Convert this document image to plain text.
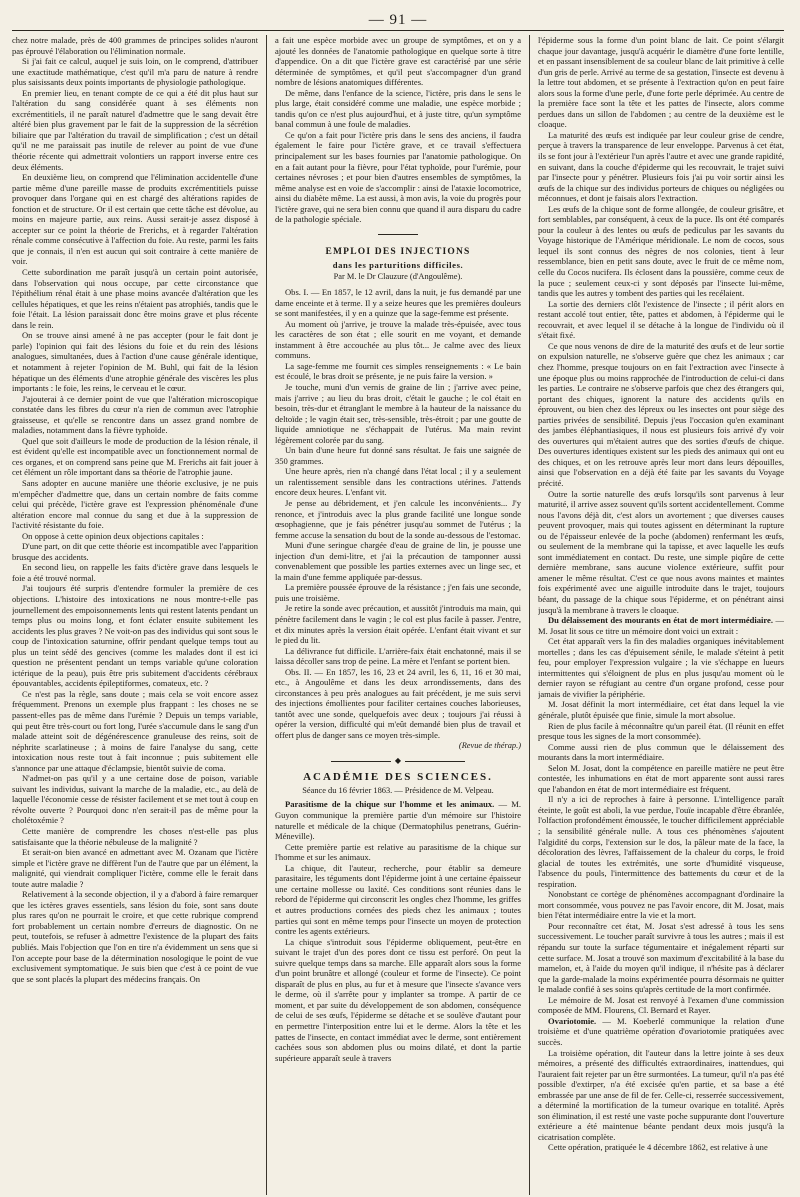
— 91 —

chez notre malade, près de 400 grammes de principes solides n'auront pas éprouvé l'élaboration ou l'élimination normale.

Si j'ai fait ce calcul, auquel je suis loin, on le comprend, d'attribuer une exactitude mathématique, c'est qu'il m'a paru de nature à rendre plus saisissants deux points importants de physiologie pathologique.

En premier lieu, en tenant compte de ce qui a été dit plus haut sur l'altération du sang considérée quant à ses éléments non excrémentitiels, il ne paraît naturel d'admettre que le sang devait être altéré bien plus gravement par le fait de la suppression de la sécrétion biliaire que par l'altération du travail de simplification ; c'est un détail qu'il ne me paraissait pas inutile de relever au point de vue d'une théorie récente qui admettrait volontiers un rapport inverse entre ces deux éléments.

En deuxième lieu, on comprend que l'élimination accidentelle d'une partie même d'une pareille masse de produits excrémentitiels puisse provoquer dans l'organe qui en est chargé des altérations rapides de fonction et de structure. Or il est certain que cette tâche est dévolue, au moins en majeure partie, aux reins. Aussi serait-je assez disposé à accepter sur ce point la théorie de Frerichs, et à regarder l'altération rénale comme consécutive à l'affection du foie. Au reste, parmi les faits que je connais, il n'en est aucun qui soit contraire à cette manière de voir.

Cette subordination me paraît jusqu'à un certain point autorisée, dans l'observation qui nous occupe, par cette circonstance que l'épithélium rénal était à une phase moins avancée d'altération que les cellules hépatiques, et que les reins n'étaient pas atrophiés, tandis que le foie l'était. La lésion paraissait donc être moins grave et plus récente dans le rein.

On se trouve ainsi amené à ne pas accepter (pour le fait dont je parle) l'opinion qui fait des lésions du foie et du rein des lésions analogues, simultanées, dues à l'action d'une cause générale identique, et notamment à rejeter l'opinion de M. Buhl, qui fait de la lésion hépatique un des éléments d'une atrophie générale des viscères les plus importants : le foie, les reins, le cerveau et le cœur.

J'ajouterai à ce dernier point de vue que l'altération microscopique constatée dans les fibres du cœur n'a rien de commun avec l'atrophie graisseuse, et qu'elle se rencontre dans un assez grand nombre de maladies, notamment dans la fièvre typhoïde.

Quel que soit d'ailleurs le mode de production de la lésion rénale, il est évident qu'elle est incompatible avec un fonctionnement normal de ces organes, et on comprend sans peine que M. Frerichs ait fait jouer à cet élément un rôle important dans sa théorie de l'atrophie jaune.

Sans adopter en aucune manière une théorie exclusive, je ne puis m'empêcher d'admettre que, dans un certain nombre de faits comme celui qui précède, l'ictère grave est l'expression phénoménale d'une altération encore mal connue du sang et due à la suppression de l'activité résistante du foie.

On oppose à cette opinion deux objections capitales :

D'une part, on dit que cette théorie est incompatible avec l'apparition brusque des accidents.

En second lieu, on rappelle les faits d'ictère grave dans lesquels le foie a été trouvé normal.

J'ai toujours été surpris d'entendre formuler la première de ces objections. L'histoire des intoxications ne nous montre-t-elle pas journellement des empoisonnements lents qui restent latents pendant un temps plus ou moins long, et font éclater ensuite subitement les accidents les plus graves ? Ne voit-on pas des individus qui sont sous le coup de l'intoxication saturnine, offrir pendant quelque temps tout au plus un teint sédé des gencives (comme les malades dont il est ici question ne présentent pendant un temps variable qu'une coloration ictérique de la peau), puis être pris subitement d'accidents cérébraux épouvantables, accidents épileptiformes, comateux, etc. ?

Ce n'est pas la règle, sans doute ; mais cela se voit encore assez fréquemment. Prenons un exemple plus frappant : les choses ne se passent-elles pas de même dans l'urémie ? Depuis un temps variable, qui peut être très-court ou fort long, l'urée s'accumule dans le sang d'un malade atteint soit de dégénérescence granuleuse des reins, soit de néphrite scarlatineuse ; à moins de faire l'analyse du sang, cette intoxication nous reste tout à fait inconnue ; puis subitement elle s'annonce par une attaque d'éclampsie, bientôt suivie de coma.

N'admet-on pas qu'il y a une certaine dose de poison, variable suivant les individus, suivant la marche de la maladie, etc., au delà de laquelle l'économie cesse de résister facilement et se met tout à coup en révolte ouverte ? Pourquoi donc n'en serait-il pas de même pour la cholétoxémie ?

Cette manière de comprendre les choses n'est-elle pas plus satisfaisante que la théorie nébuleuse de la malignité ?

Et serait-on bien avancé en admettant avec M. Ozanam que l'ictère simple et l'ictère grave ne diffèrent l'un de l'autre que par un élément, la malignité, qui viendrait compliquer l'ictère, comme elle le ferait dans toute autre maladie ?

Relativement à la seconde objection, il y a d'abord à faire remarquer que les ictères graves essentiels, sans lésion du foie, sont sans doute plus rares qu'on ne pourrait le croire, et que cette rubrique comprend fort probablement un certain nombre d'erreurs de diagnostic. On ne peut, toutefois, se refuser à admettre l'existence de la plupart des faits publiés. Mais l'objection que l'on en tire n'a évidemment un sens que si l'on accepte pour base de la détermination nosologique le point de vue exclusivement symptomatique. Je suis bien que c'est à ce point de vue que se sont placés la plupart des médecins français. On

a fait une espèce morbide avec un groupe de symptômes, et on y a ajouté les données de l'anatomie pathologique en quelque sorte à titre d'appendice. On a dit que l'ictère grave est caractérisé par une série déterminée de symptômes, et qu'il peut s'accompagner d'un grand nombre de lésions anatomiques différentes.

De même, dans l'enfance de la science, l'ictère, pris dans le sens le plus large, était considéré comme une maladie, une espèce morbide ; tandis qu'on ce n'est plus aujourd'hui, et à juste titre, qu'un symptôme banal commun à une foule de maladies.

Ce qu'on a fait pour l'ictère pris dans le sens des anciens, il faudra également le faire pour l'ictère grave, et ce travail s'effectuera principalement sur les bases fournies par l'anatomie pathologique. On en a fait autant pour la fièvre, pour l'état typhoïde, pour l'urémie, pour certaines névroses ; et pour bien d'autres ensembles de symptômes, la même analyse est en voie de s'accomplir : ainsi de l'ataxie locomotrice, ainsi du diabète même. La est aussi, à mon avis, la voie du progrès pour l'ictère grave, qui ne sera bien connu que quand il aura disparu du cadre de la pathologie spéciale.

EMPLOI DES INJECTIONS
dans les parturitions difficiles.
Par M. le Dr Clauzure (d'Angoulême).

Obs. I. — En 1857, le 12 avril, dans la nuit, je fus demandé par une dame enceinte et à terme. Il y a seize heures que les premières douleurs se sont manifestées, il y en a quinze que la sage-femme est présente.

Au moment où j'arrive, je trouve la malade très-épuisée, avec tous les caractères de son état ; elle sourit en me voyant, et demande instamment à être accouchée au plus tôt... Je calme avec des lieux communs.

La sage-femme me fournit ces simples renseignements : « Le bain est écoulé, le bras droit se présente, je ne puis faire la version. »

Je touche, muni d'un vernis de graine de lin ; j'arrive avec peine, mais j'arrive ; au lieu du bras droit, c'était le gauche ; le col était en besoin, très-dur et étranglant le membre à la hauteur de la naissance du deltoïde ; le vagin était sec, très-sensible, très-étroit ; par une goutte de liquide amniotique ne s'échappait de l'utérus. Ma main revint légèrement colorée par du sang.

Un bain d'une heure fut donné sans résultat. Je fais une saignée de 350 grammes.

Une heure après, rien n'a changé dans l'état local ; il y a seulement un ralentissement sensible dans les contractions utérines. J'attends encore deux heures. L'enfant vit.

Je pense au débridement, et j'en calcule les inconvénients... J'y renonce, et j'introduis avec la plus grande facilité une longue sonde œsophagienne, que je fais pénétrer jusqu'au sommet de l'utérus ; la femme accuse la sensation du bout de la sonde au-dessous de l'estomac.

Muni d'une seringue chargée d'eau de graine de lin, je pousse une injection d'un demi-litre, et j'ai la précaution de tamponner aussi convenablement que possible les parties externes avec un linge sec, et la main d'une femme appliquée par-dessus.

La première poussée éprouve de la résistance ; j'en fais une seconde, puis une troisième.

Je retire la sonde avec précaution, et aussitôt j'introduis ma main, qui pénètre facilement dans le vagin ; le col est plus facile à passer. J'entre, et dix minutes après la version était opérée. L'enfant était vivant et sur le pied du lit.

La délivrance fut difficile. L'arrière-faix était enchatonné, mais il se laissa décoller sans trop de peine. La mère et l'enfant se portent bien.

Obs. II. — En 1857, les 16, 23 et 24 avril, les 6, 11, 16 et 30 mai, etc., à Angoulême et dans les deux arrondissements, dans des circonstances à peu près analogues au fait précédent, je me suis servi des injections émollientes pour faciliter certaines couches laborieuses, tantôt avec une sonde, quelquefois avec deux ; toujours j'ai réussi à opérer la version, difficulté qui m'eût demandé bien plus de travail et offert plus de danger sans ce moyen très-simple.

(Revue de thérap.)
◆
ACADÉMIE DES SCIENCES.
Séance du 16 février 1863. — Présidence de M. Velpeau.

Parasitisme de la chique sur l'homme et les animaux. — M. Guyon communique la première partie d'un mémoire sur l'histoire naturelle et médicale de la chique (Dermatophilus penetrans, Guérin-Méneville).

Cette première partie est relative au parasitisme de la chique sur l'homme et sur les animaux.

La chique, dit l'auteur, recherche, pour établir sa demeure parasitaire, les téguments dont l'épiderme joint à une certaine épaisseur une certaine mollesse ou laxité. Ces conditions sont réunies dans le rebord de l'épiderme qui circonscrit les ongles chez l'homme, les griffes et autres productions cornées des pieds chez les animaux ; toutes parties qui sont en même temps pour l'insecte un moyen de protection contre les agents extérieurs.

La chique s'introduit sous l'épiderme obliquement, peut-être en suivant le trajet d'un des pores dont ce tissu est perforé. On peut la suivre quelque temps dans sa marche. Elle apparaît alors sous la forme d'un point brunâtre et allongé (couleur et forme de l'insecte). Ce point disparaît de plus en plus, au fur et à mesure que l'insecte s'avance vers le derme, où il s'arrête pour y implanter sa trompe. A partir de ce moment, et par suite du développement de son abdomen, conséquence de celui de ses œufs, l'épiderme se détache et se soulève d'autant pour en permettre l'interposition entre lui et le derme. Alors la tête et les pattes de l'insecte, en contact immédiat avec le derme, sont entièrement cachées sous son abdomen plus ou moins dilaté, et dont la partie supérieure apparaît seule à travers

l'épiderme sous la forme d'un point blanc de lait. Ce point s'élargit chaque jour davantage, jusqu'à acquérir le diamètre d'une forte lentille, et en passant insensiblement de sa couleur blanc de lait primitive à celle d'un gris de perle. Arrivé au terme de sa gestation, l'insecte est devenu à la lettre tout abdomen, et se présente à l'extraction qu'on en peut faire alors sous la forme d'une perle, d'une forte perle déprimée. Au centre de la première face sont la tête et les pattes de l'insecte, alors comme perdues dans un sillon de l'abdomen ; au centre de la deuxième est le cloaque.

La maturité des œufs est indiquée par leur couleur grise de cendre, perçue à travers la transparence de leur enveloppe. Parvenus à cet état, ils se font jour à l'extérieur l'un après l'autre et avec une grande rapidité, en suivant, dans la couche d'épiderme qui les recouvrait, le trajet suivi par l'insecte pour y pénétrer. Plusieurs fois j'ai pu voir sortir ainsi les œufs de la chique sur des individus porteurs de chiques ou négligées ou méconnues, et dont je faisais alors l'extraction.

Les œufs de la chique sont de forme allongée, de couleur grisâtre, et fort semblables, par conséquent, à ceux de la puce. Ils ont été comparés pour la couleur à des lentes ou œufs de pediculus par les savants du Voyage historique de l'Amérique méridionale. Le nom de cocos, sous lequel ils sont connus des nègres de nos colonies, tient à leur ressemblance, bien en petit sans doute, avec le fruit de ce même nom, celle du Cocos nucifera. Ils éclosent dans la poussière, comme ceux de la puce ; seulement ceux-ci y sont déposés par l'insecte lui-même, tandis que les autres y tombent des parties qui les recélaient.

La sortie des derniers clôt l'existence de l'insecte ; il périt alors en restant accolé tout entier, tête, pattes et abdomen, à l'épiderme qui le recouvrait, et avec lequel il se détache à la longue de l'individu où il s'était fixé.

Ce que nous venons de dire de la maturité des œufs et de leur sortie on expulsion naturelle, ne s'observe guère que chez les animaux ; car chez l'homme, presque toujours on en fait l'extraction avec l'insecte à une époque plus ou moins rapprochée de l'introduction de celui-ci dans les parties. Le contraire ne s'observe parfois que chez des étrangers qui, portant des chiques, ignorent la nature des accidents qu'ils en éprouvent, ou bien chez des lépreux ou les insectes ont pour siège des parties privées de sensibilité. Depuis j'eus l'occasion qu'en examinant des jambes éléphantiasiques, il nous est plusieurs fois arrivé d'y voir des ouvertures qui m'étaient autres que des sorties d'œufs de chique. Des ouvertures identiques existent sur les pieds des animaux qui ont eu des chiques, et on les retrouve après leur mort dans leurs dépouilles, ainsi que l'observation en a déjà été faite par les savants du Voyage précité.

Outre la sortie naturelle des œufs lorsqu'ils sont parvenus à leur maturité, il arrive assez souvent qu'ils sortent accidentellement. Comme nous l'avons déjà dit, c'est alors un avortement ; que diverses causes peuvent provoquer, mais qui toutes agissent en déterminant la rupture ou de l'épaisseur enlevée de la poche (abdomen) renfermant les œufs, ou seulement de la membrane qui la tapisse, et avec laquelle les œufs sont immédiatement en contact. Du reste, une simple piqûre de cette dernière membrane, sans aucune violence extérieure, suffit pour amener le même résultat. C'est ce que nous avons maintes et maintes fois expérimenté avec une aiguille introduite dans le trajet, toujours béant, du passage de la chique sous l'épiderme, et on pénétrant ainsi jusqu'à la membrane à travers le cloaque.

Du délaissement des mourants en état de mort intermédiaire. — M. Josat lit sous ce titre un mémoire dont voici un extrait :

Cet état apparaît vers la fin des maladies organiques inévitablement mortelles ; dans les cas d'épuisement sénile, le malade s'éteint à petit feu, pour employer l'expression vulgaire ; la vie s'échappe en lueurs intermittentes qui s'éloignent de plus en plus jusqu'au moment où le dernier rayon se réfugiant au centre d'un organe profond, cesse pour jamais de vivifier la périphérie.

M. Josat définit la mort intermédiaire, cet état dans lequel la vie générale, plutôt épuisée que finie, simule la mort absolue.

Rien de plus facile à méconnaître qu'un pareil état. (Il réunit en effet presque tous les signes de la mort consommée).

Comme aussi rien de plus commun que le délaissement des mourants dans la mort intermédiaire.

Selon M. Josat, dont la compétence en pareille matière ne peut être contestée, les inhumations en état de mort apparente sont aussi rares que l'abandon en état de mort intermédiaire est fréquent.

Il n'y a ici de reproches à faire à personne. L'intelligence paraît éteinte, le goût est aboli, la vue perdue, l'ouïe incapable d'être ébranlée, l'olfaction profondément émoussée, le toucher difficilement appréciable ; la sensibilité générale nulle. A tous ces phénomènes s'ajoutent l'algidité du corps, l'extension sur le dos, la pâleur mate de la face, la décoloration des lèvres, l'affaissement de la chaleur du corps, le froid glacial de toutes les extrémités, une sorte d'humidité visqueuse, l'absence du pouls, l'intermittence des battements du cœur et de la respiration.

Nonobstant ce cortège de phénomènes accompagnant d'ordinaire la mort consommée, vous pouvez ne pas l'avoir encore, dit M. Josat, mais bien l'état intermédiaire entre la vie et la mort.

Pour reconnaître cet état, M. Josat s'est adressé à tous les sens successivement. Le toucher paraît survivre à tous les autres ; mais il est répandu sur toute la surface tégumentaire et inégalement réparti sur cette surface. M. Josat a trouvé son maximum d'excitabilité à la base du mamelon, et, à l'aide du moyen qu'il indique, il n'hésite pas à déclarer que la garde-malade la moins expérimentée pourra désormais ne quitter le malade confié à ses soins qu'après certitude de la mort confirmée.

Le mémoire de M. Josat est renvoyé à l'examen d'une commission composée de MM. Flourens, Cl. Bernard et Rayer.

Ovariotomie. — M. Koeberlé communique la relation d'une troisième et d'une quatrième opération d'ovariotomie pratiquées avec succès.

La troisième opération, dit l'auteur dans la lettre jointe à ses deux mémoires, a présenté des difficultés extraordinaires, inattendues, qui l'auraient fait rejeter par un être surmontées. La tumeur, qu'il n'a pas été possible d'extirper, n'a été excisée qu'en partie, et sa base a été embrassée par une anse de fil de fer. Celle-ci, resserrée successivement, a déterminé la mortification de la tumeur ovarique en totalité. Après son élimination, il est resté une vaste poche suppurante dont l'ouverture extérieure a été maintenue béante pendant deux mois jusqu'à la cicatrisation complète.

Cette opération, pratiquée le 4 décembre 1862, est relative à une
